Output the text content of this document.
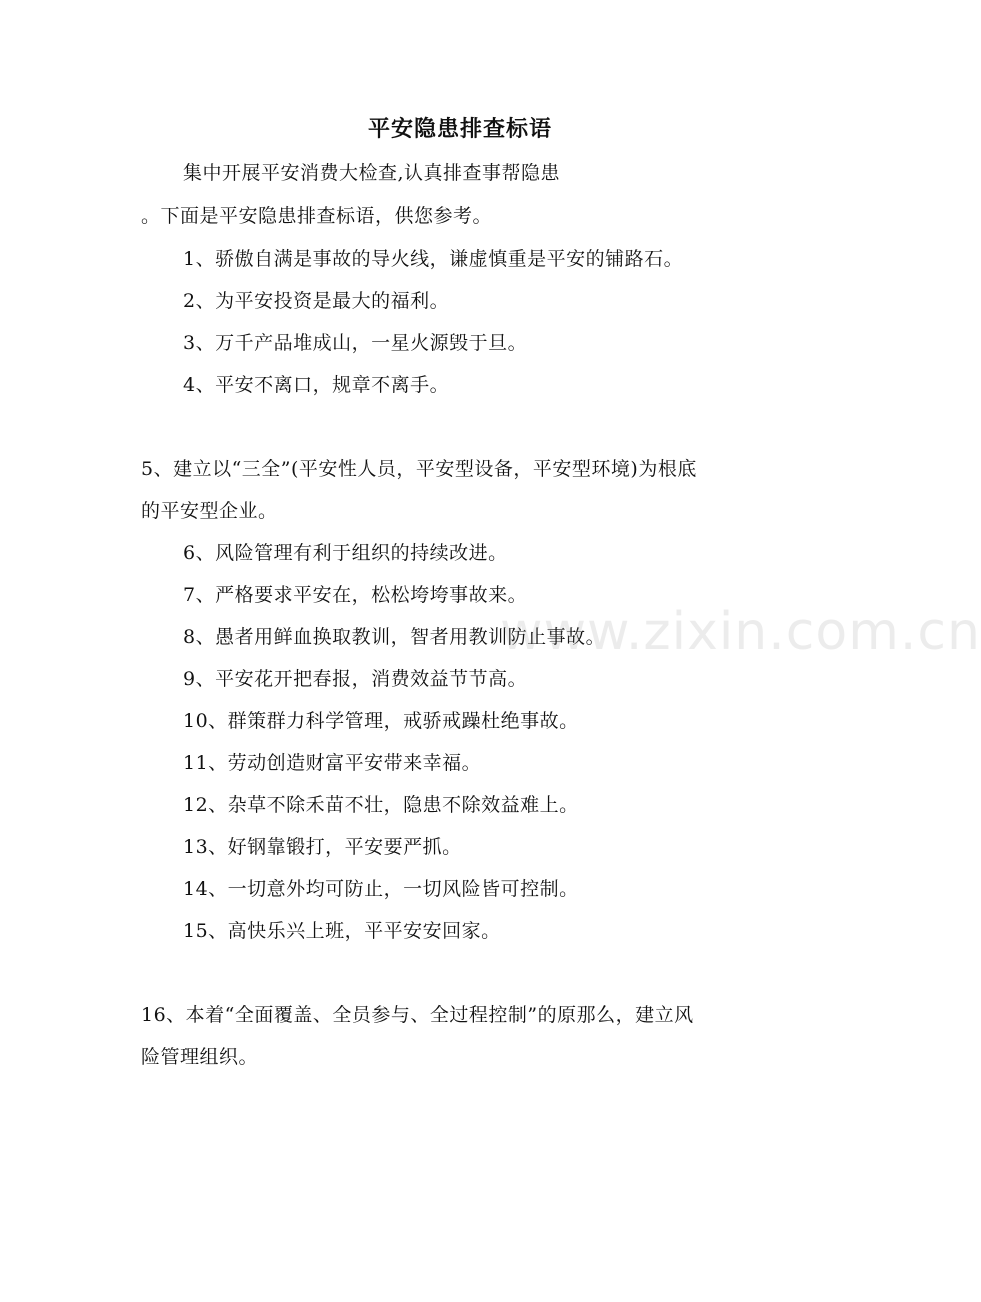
平安隐患排查标语
集中开展平安消费大检查,认真排查事帮隐患
。下面是平安隐患排查标语，供您参考。
1、骄傲自满是事故的导火线，谦虚慎重是平安的铺路石。
2、为平安投资是最大的福利。
3、万千产品堆成山，一星火源毁于旦。
4、平安不离口，规章不离手。
5、建立以“三全”(平安性人员，平安型设备，平安型环境)为根底
的平安型企业。
6、风险管理有利于组织的持续改进。
7、严格要求平安在，松松垮垮事故来。
8、愚者用鲜血换取教训，智者用教训防止事故。
9、平安花开把春报，消费效益节节高。
10、群策群力科学管理，戒骄戒躁杜绝事故。
11、劳动创造财富平安带来幸福。
12、杂草不除禾苗不壮，隐患不除效益难上。
13、好钢靠锻打，平安要严抓。
14、一切意外均可防止，一切风险皆可控制。
15、高快乐兴上班，平平安安回家。
16、本着“全面覆盖、全员参与、全过程控制”的原那么，建立风
险管理组织。
www.zixin.com.cn
